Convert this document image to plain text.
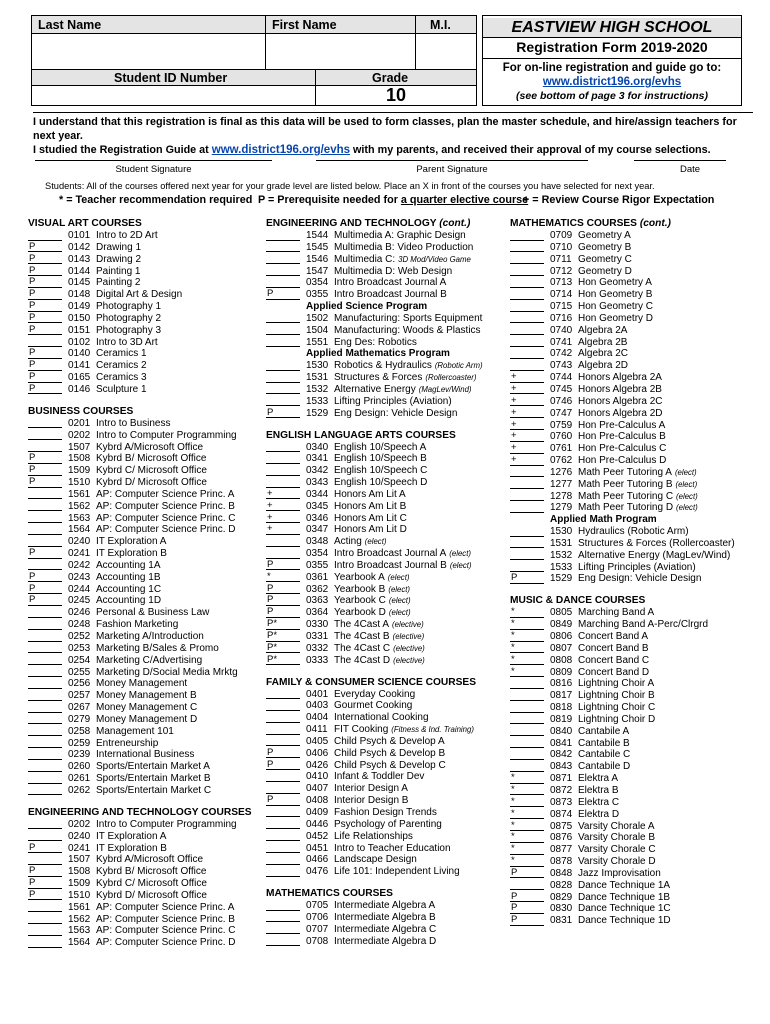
Last Name	First Name	M.I.
Student ID Number	Grade
10
EASTVIEW HIGH SCHOOL
Registration Form 2019-2020
For on-line registration and guide go to:
www.district196.org/evhs
(see bottom of page 3 for instructions)
I understand that this registration is final as this data will be used to form classes, plan the master schedule, and hire/assign teachers for next year.
I studied the Registration Guide at www.district196.org/evhs with my parents, and received their approval of my course selections.
Student Signature	Parent Signature	Date
Students: All of the courses offered next year for your grade level are listed below. Place an X in front of the courses you have selected for next year.
* = Teacher recommendation required P = Prerequisite needed for a quarter elective course
+ = Review Course Rigor Expectation
VISUAL ART COURSES
0101 Intro to 2D Art
P	0142 Drawing 1
P	0143 Drawing 2
P	0144 Painting 1
P	0145 Painting 2
P	0148 Digital Art & Design
P	0149 Photography 1
P	0150 Photography 2
P	0151 Photography 3
0102 Intro to 3D Art
P	0140 Ceramics 1
P	0141 Ceramics 2
P	0165 Ceramics 3
P	0146 Sculpture 1
BUSINESS COURSES
0201 Intro to Business
0202 Intro to Computer Programming
1507 Kybrd A/Microsoft Office
P	1508 Kybrd B/ Microsoft Office
P	1509 Kybrd C/ Microsoft Office
P	1510 Kybrd D/ Microsoft Office
1561 AP: Computer Science Princ. A
1562 AP: Computer Science Princ. B
1563 AP: Computer Science Princ. C
1564 AP: Computer Science Princ. D
0240 IT Exploration A
P	0241 IT Exploration B
0242 Accounting 1A
P	0243 Accounting 1B
P	0244 Accounting 1C
P	0245 Accounting 1D
0246 Personal & Business Law
0248 Fashion Marketing
0252 Marketing A/Introduction
0253 Marketing B/Sales & Promo
0254 Marketing C/Advertising
0255 Marketing D/Social Media Mrktg
0256 Money Management
0257 Money Management B
0267 Money Management C
0279 Money Management D
0258 Management 101
0259 Entreneurship
0239 International Business
0260 Sports/Entertain Market A
0261 Sports/Entertain Market B
0262 Sports/Entertain Market C
ENGINEERING AND TECHNOLOGY COURSES
0202 Intro to Computer Programming
0240 IT Exploration A
P	0241 IT Exploration B
1507 Kybrd A/Microsoft Office
P	1508 Kybrd B/ Microsoft Office
P	1509 Kybrd C/ Microsoft Office
P	1510 Kybrd D/ Microsoft Office
1561 AP: Computer Science Princ. A
1562 AP: Computer Science Princ. B
1563 AP: Computer Science Princ. C
1564 AP: Computer Science Princ. D
ENGINEERING AND TECHNOLOGY (cont.)
1544 Multimedia A: Graphic Design
1545 Multimedia B: Video Production
1546 Multimedia C: 3D Mod/Video Game
1547 Multimedia D: Web Design
0354 Intro Broadcast Journal A
P	0355 Intro Broadcast Journal B
Applied Science Program
1502 Manufacturing: Sports Equipment
1504 Manufacturing: Woods & Plastics
1551 Eng Des: Robotics
Applied Mathematics Program
1530 Robotics & Hydraulics (Robotic Arm)
1531 Structures & Forces (Rollercoaster)
1532 Alternative Energy (MagLev/Wind)
1533 Lifting Principles (Aviation)
P	1529 Eng Design: Vehicle Design
ENGLISH LANGUAGE ARTS COURSES
0340 English 10/Speech A
0341 English 10/Speech B
0342 English 10/Speech C
0343 English 10/Speech D
+	0344 Honors Am Lit A
+	0345 Honors Am Lit B
+	0346 Honors Am Lit C
+	0347 Honors Am Lit D
0348 Acting (elect)
0354 Intro Broadcast Journal A (elect)
P	0355 Intro Broadcast Journal B (elect)
*	0361 Yearbook A (elect)
P	0362 Yearbook B (elect)
P	0363 Yearbook C (elect)
P	0364 Yearbook D (elect)
P*	0330 The 4Cast A (elective)
P*	0331 The 4Cast B (elective)
P*	0332 The 4Cast C (elective)
P*	0333 The 4Cast D (elective)
FAMILY & CONSUMER SCIENCE COURSES
0401 Everyday Cooking
0403 Gourmet Cooking
0404 International Cooking
0411 FIT Cooking (Fitness & Ind. Training)
0405 Child Psych & Develop A
P	0406 Child Psych & Develop B
P	0426 Child Psych & Develop C
0410 Infant & Toddler Dev
0407 Interior Design A
P	0408 Interior Design B
0409 Fashion Design Trends
0446 Psychology of Parenting
0452 Life Relationships
0451 Intro to Teacher Education
0466 Landscape Design
0476 Life 101: Independent Living
MATHEMATICS COURSES
0705 Intermediate Algebra A
0706 Intermediate Algebra B
0707 Intermediate Algebra C
0708 Intermediate Algebra D
MATHEMATICS COURSES (cont.)
0709 Geometry A
0710 Geometry B
0711 Geometry C
0712 Geometry D
0713 Hon Geometry A
0714 Hon Geometry B
0715 Hon Geometry C
0716 Hon Geometry D
0740 Algebra 2A
0741 Algebra 2B
0742 Algebra 2C
0743 Algebra 2D
+	0744 Honors Algebra 2A
+	0745 Honors Algebra 2B
+	0746 Honors Algebra 2C
+	0747 Honors Algebra 2D
+	0759 Hon Pre-Calculus A
+	0760 Hon Pre-Calculus B
+	0761 Hon Pre-Calculus C
+	0762 Hon Pre-Calculus D
1276 Math Peer Tutoring A (elect)
1277 Math Peer Tutoring B (elect)
1278 Math Peer Tutoring C (elect)
1279 Math Peer Tutoring D (elect)
Applied Math Program
1530 Hydraulics (Robotic Arm)
1531 Structures & Forces (Rollercoaster)
1532 Alternative Energy (MagLev/Wind)
1533 Lifting Principles (Aviation)
P	1529 Eng Design: Vehicle Design
MUSIC & DANCE COURSES
*	0805 Marching Band A
*	0849 Marching Band A-Perc/Clrgrd
*	0806 Concert Band A
*	0807 Concert Band B
*	0808 Concert Band C
*	0809 Concert Band D
0816 Lightning Choir A
0817 Lightning Choir B
0818 Lightning Choir C
0819 Lightning Choir D
0840 Cantabile A
0841 Cantabile B
0842 Cantabile C
0843 Cantabile D
*	0871 Elektra A
*	0872 Elektra B
*	0873 Elektra C
*	0874 Elektra D
*	0875 Varsity Chorale A
*	0876 Varsity Chorale B
*	0877 Varsity Chorale C
*	0878 Varsity Chorale D
P	0848 Jazz Improvisation
0828 Dance Technique 1A
P	0829 Dance Technique 1B
P	0830 Dance Technique 1C
P	0831 Dance Technique 1D
